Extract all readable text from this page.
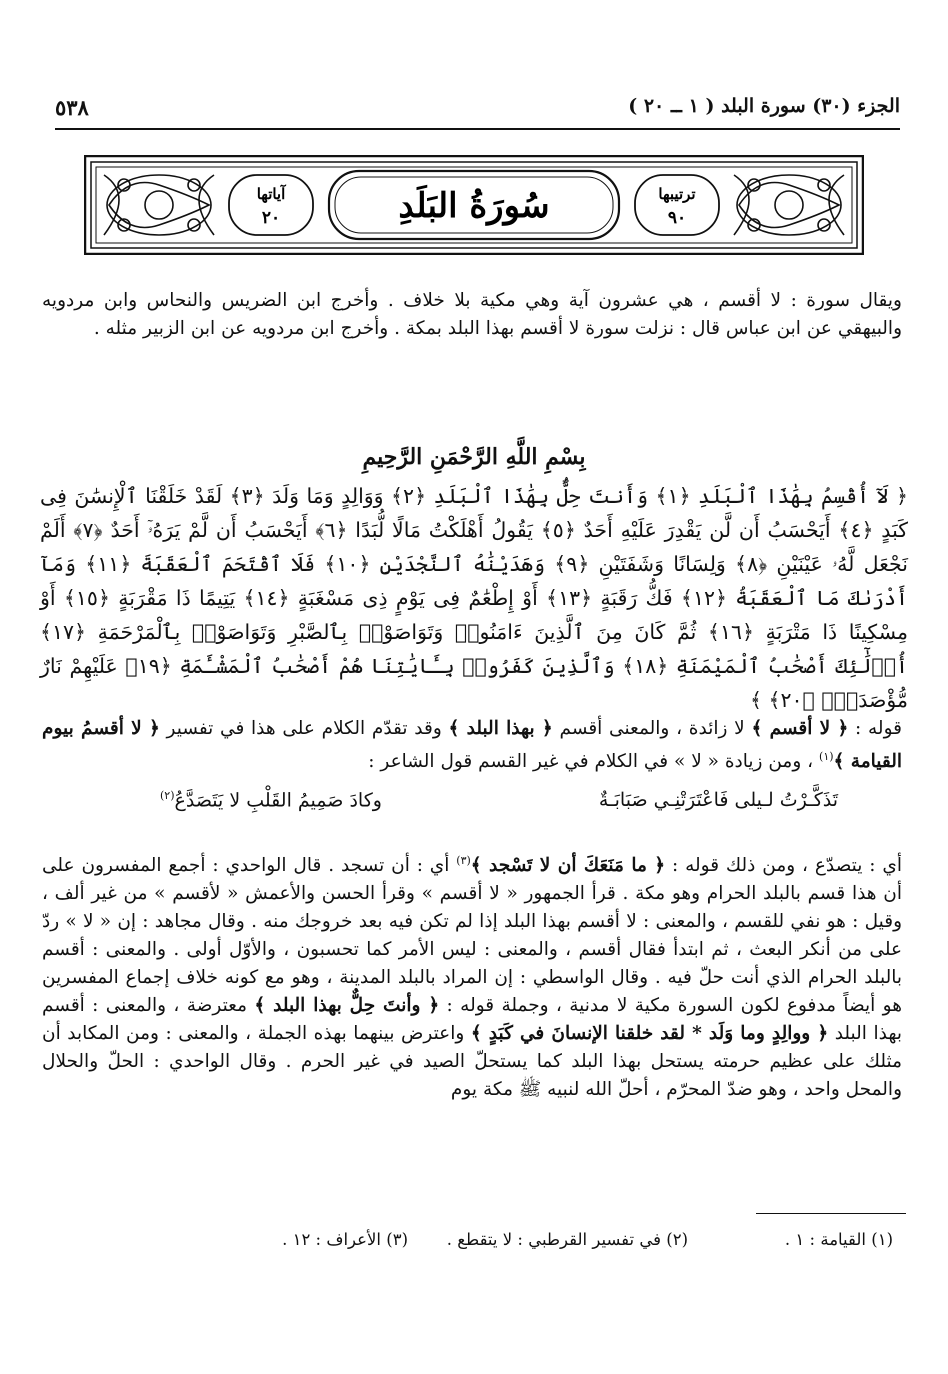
٥٣٨	الجزء (٣٠) سورة البلد ( ١ ــ ٢٠ )
آياتها
٢٠
ترتيبها
٩٠
سُورَةُ البَلَدِ

ويقال سورة : لا أقسم ، هي عشرون آية وهي مكية بلا خلاف . وأخرج ابن الضريس والنحاس وابن مردويه والبيهقي عن ابن عباس قال : نزلت سورة لا أقسم بهذا البلد بمكة . وأخرج ابن مردويه عن ابن الزبير مثله .

بِسْمِ اللَّهِ الرَّحْمَنِ الرَّحِيمِ

﴿ لَآ أُقْسِمُ بِهَٰذَا ٱلْبَلَدِ ﴿١﴾ وَأَنتَ حِلٌّۢ بِهَٰذَا ٱلْبَلَدِ ﴿٢﴾ وَوَالِدٍ وَمَا وَلَدَ ﴿٣﴾ لَقَدْ خَلَقْنَا ٱلْإِنسَٰنَ فِى كَبَدٍ ﴿٤﴾ أَيَحْسَبُ أَن لَّن يَقْدِرَ عَلَيْهِ أَحَدٌ ﴿٥﴾ يَقُولُ أَهْلَكْتُ مَالًا لُّبَدًا ﴿٦﴾ أَيَحْسَبُ أَن لَّمْ يَرَهُۥٓ أَحَدٌ ﴿٧﴾ أَلَمْ نَجْعَل لَّهُۥ عَيْنَيْنِ ﴿٨﴾ وَلِسَانًا وَشَفَتَيْنِ ﴿٩﴾ وَهَدَيْنَٰهُ ٱلنَّجْدَيْنِ ﴿١٠﴾ فَلَا ٱقْتَحَمَ ٱلْعَقَبَةَ ﴿١١﴾ وَمَآ أَدْرَىٰكَ مَا ٱلْعَقَبَةُ ﴿١٢﴾ فَكُّ رَقَبَةٍ ﴿١٣﴾ أَوْ إِطْعَٰمٌ فِى يَوْمٍ ذِى مَسْغَبَةٍ ﴿١٤﴾ يَتِيمًا ذَا مَقْرَبَةٍ ﴿١٥﴾ أَوْ مِسْكِينًا ذَا مَتْرَبَةٍ ﴿١٦﴾ ثُمَّ كَانَ مِنَ ٱلَّذِينَ ءَامَنُوا۟ وَتَوَاصَوْا۟ بِٱلصَّبْرِ وَتَوَاصَوْا۟ بِٱلْمَرْحَمَةِ ﴿١٧﴾ أُو۟لَٰٓئِكَ أَصْحَٰبُ ٱلْمَيْمَنَةِ ﴿١٨﴾ وَٱلَّذِينَ كَفَرُوا۟ بِـَٔايَٰتِنَا هُمْ أَصْحَٰبُ ٱلْمَشْـَٔمَةِ ﴿١٩﴾ عَلَيْهِمْ نَارٌ مُّؤْصَدَةٌۢ ﴿٢٠﴾ ﴾

قوله : ﴿ لا أقسم ﴾ لا زائدة ، والمعنى أقسم ﴿ بهذا البلد ﴾ وقد تقدّم الكلام على هذا في تفسير ﴿ لا أقسمُ بيوم القيامة ﴾$^{(١)}$ ، ومن زيادة « لا » في الكلام في غير القسم قول الشاعر :

تَذَكَّـرْتُ لـيلى فَاعْتَرَتْنِـي صَبَابَـةٌ
وكادَ صَمِيمُ القَلْبِ لا يَتَصَدَّعُ$^{(٢)}$

أي : يتصدّع ، ومن ذلك قوله : ﴿ ما مَنَعَكَ أن لا تَسْجد ﴾$^{(٣)}$ أي : أن تسجد . قال الواحدي : أجمع المفسرون على أن هذا قسم بالبلد الحرام وهو مكة . قرأ الجمهور « لا أقسم » وقرأ الحسن والأعمش « لأقسم » من غير ألف ، وقيل : هو نفي للقسم ، والمعنى : لا أقسم بهذا البلد إذا لم تكن فيه بعد خروجك منه . وقال مجاهد : إن « لا » ردّ على من أنكر البعث ، ثم ابتدأ فقال أقسم ، والمعنى : ليس الأمر كما تحسبون ، والأوّل أولى . والمعنى : أقسم بالبلد الحرام الذي أنت حلّ فيه . وقال الواسطي : إن المراد بالبلد المدينة ، وهو مع كونه خلاف إجماع المفسرين هو أيضاً مدفوع لكون السورة مكية لا مدنية ، وجملة قوله : ﴿ وأنتَ حِلٌّ بهذا البلد ﴾ معترضة ، والمعنى : أقسم بهذا البلد ﴿ ووالِدٍ وما وَلَد * لقد خلقنا الإنسانَ في كَبَدٍ ﴾ واعترض بينهما بهذه الجملة ، والمعنى : ومن المكابد أن مثلك على عظيم حرمته يستحل بهذا البلد كما يستحلّ الصيد في غير الحرم . وقال الواحدي : الحلّ والحلال والمحل واحد ، وهو ضدّ المحرّم ، أحلّ الله لنبيه ﷺ مكة يوم

(١) القيامة : ١ .
(٢) في تفسير القرطبي : لا يتقطع .
(٣) الأعراف : ١٢ .
